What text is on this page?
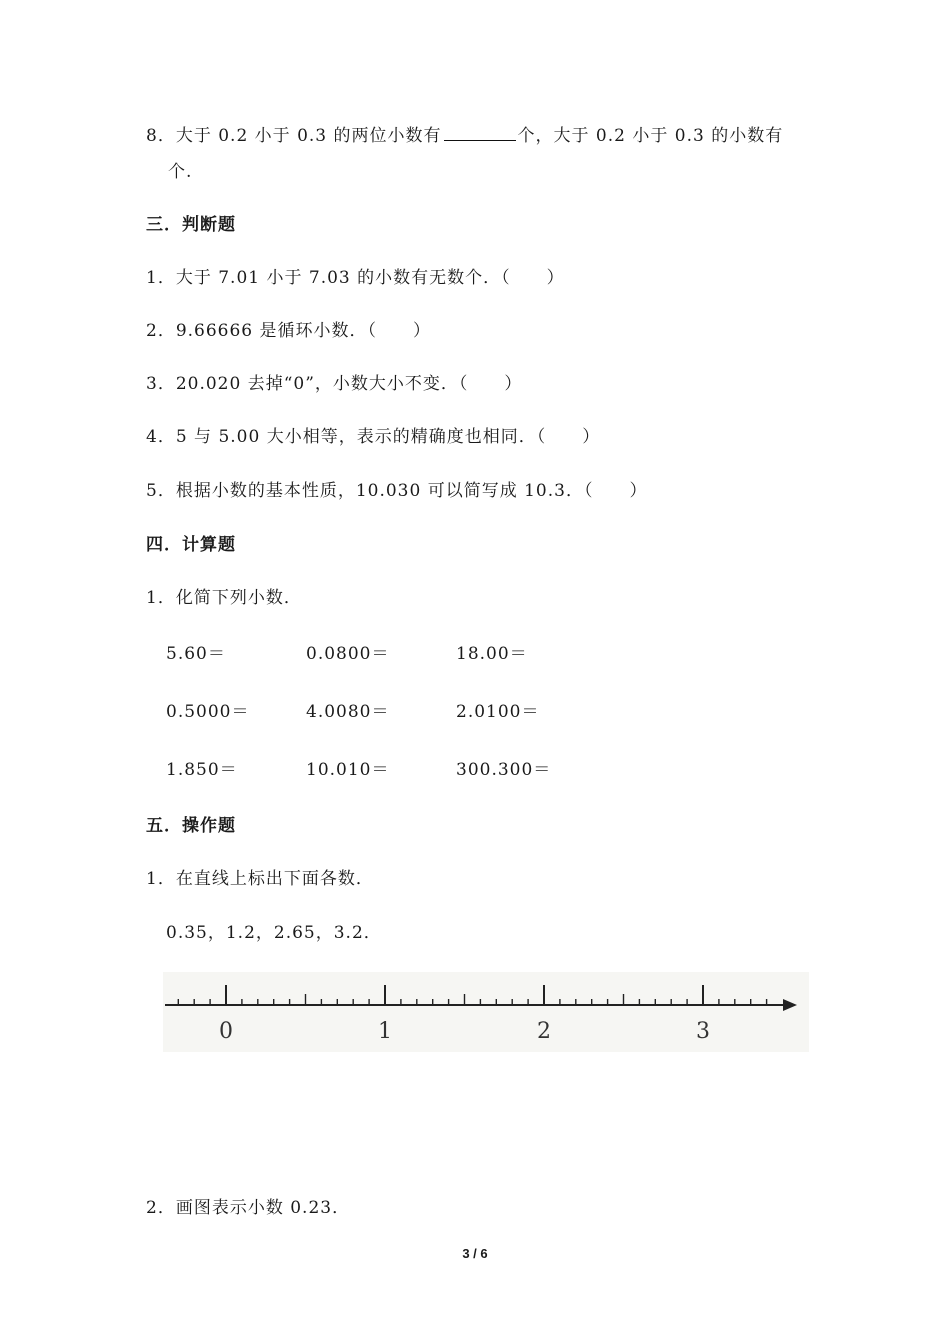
8．大于 0.2 小于 0.3 的两位小数有	个，大于 0.2 小于 0.3 的小数有
个.
三．判断题
1．大于 7.01 小于 7.03 的小数有无数个．（　　）
2．9.66666 是循环小数．（　　）
3．20.020 去掉“0”，小数大小不变．（　　）
4．5 与 5.00 大小相等，表示的精确度也相同．（　　）
5．根据小数的基本性质，10.030 可以简写成 10.3．（　　）
四．计算题
1．化简下列小数．
5.60＝	0.0800＝	18.00＝
0.5000＝	4.0080＝	2.0100＝
1.850＝	10.010＝	300.300＝
五．操作题
1．在直线上标出下面各数．
0.35，1.2，2.65，3.2．
0	1	2	3
2．画图表示小数 0.23．
3 / 6
